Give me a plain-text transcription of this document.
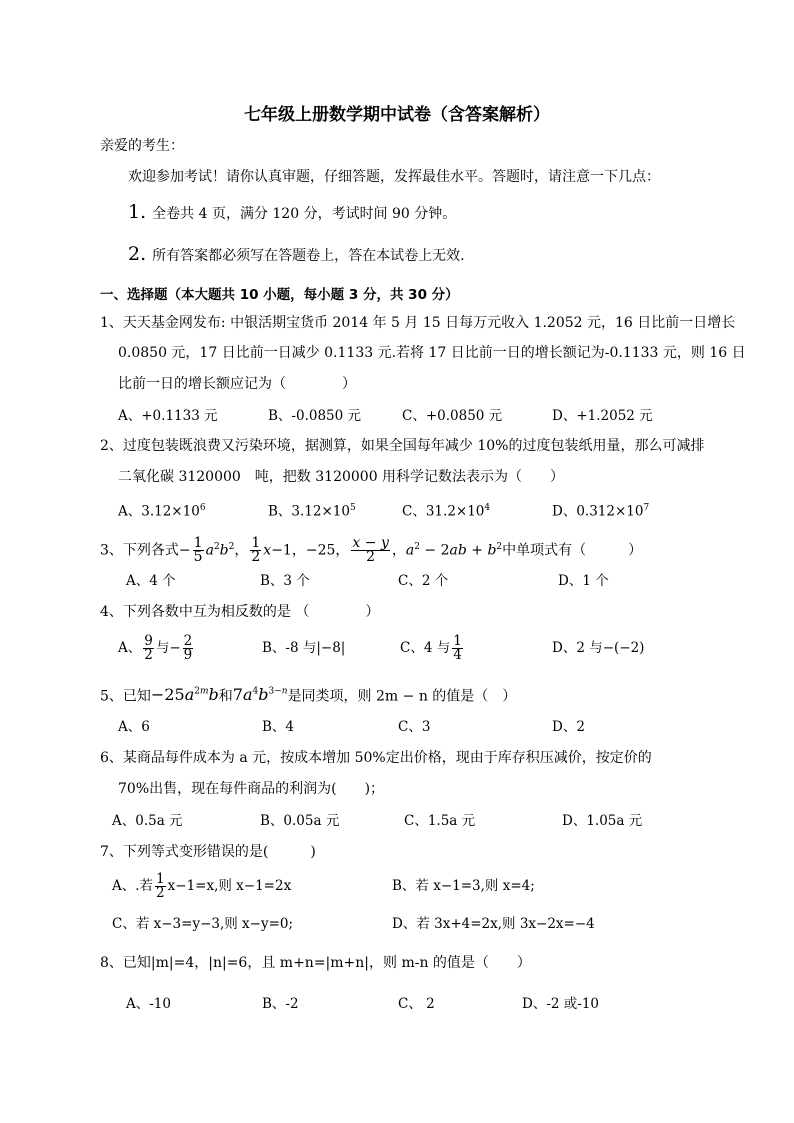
七年级上册数学期中试卷（含答案解析）
亲爱的考生：
欢迎参加考试！请你认真审题，仔细答题，发挥最佳水平。答题时，请注意一下几点：
1. 全卷共 4 页，满分 120 分，考试时间 90 分钟。
2. 所有答案都必须写在答题卷上，答在本试卷上无效.
一、选择题（本大题共 10 小题，每小题 3 分，共 30 分）
1、天天基金网发布: 中银活期宝货币 2014 年 5 月 15 日每万元收入 1.2052 元，16 日比前一日增长
0.0850 元，17 日比前一日减少 0.1133 元.若将 17 日比前一日的增长额记为-0.1133 元，则 16 日
比前一日的增长额应记为（　　　　）
A、+0.1133 元	B、-0.0850 元	C、+0.0850 元	D、+1.2052 元
2、过度包装既浪费又污染环境，据测算，如果全国每年减少 10%的过度包装纸用量，那么可减排
二氧化碳 3120000　吨，把数 3120000 用科学记数法表示为（　　）
A、$3.12\times 10^6$	B、$3.12\times 10^5$	C、$31.2\times 10^4$	D、$0.312\times 10^7$
3、下列各式− $\frac{1}{5} a^2b^2$， $\frac{1}{2} x-1$，−25， $\frac{x - y}{2}$ ，$a^2 - 2ab + b^2$中单项式有（　　　）
A、4 个	B、3 个	C、2 个	D、1 个
4、下列各数中互为相反数的是 （　　　　）
A、 $\frac{9}{2}$ 与− $\frac{2}{9}$	B、-8 与|−8|	C、4 与 $\frac{1}{4}$	D、2 与−(−2)
5、已知$-25a^{2m}b$和$7a^4b^{3-n}$是同类项，则 2m − n 的值是（　）
A、6	B、4	C、3	D、2
6、某商品每件成本为 a 元，按成本增加 50%定出价格，现由于库存积压减价，按定价的
70%出售，现在每件商品的利润为(　　)；
A、0.5a 元	B、0.05a 元	C、1.5a 元	D、1.05a 元
7、下列等式变形错误的是(　　　)
A、.若 $\frac{1}{2} x-1=x$,则 x−1=2x	B、若 x−1=3,则 x=4;
C、若 x−3=y−3,则 x−y=0;	D、若 3x+4=2x,则 3x−2x=−4
8、已知|m|=4，|n|=6，且 m+n=|m+n|，则 m-n 的值是（　　）
A、-10	B、-2	C、 2	D、-2 或-10
